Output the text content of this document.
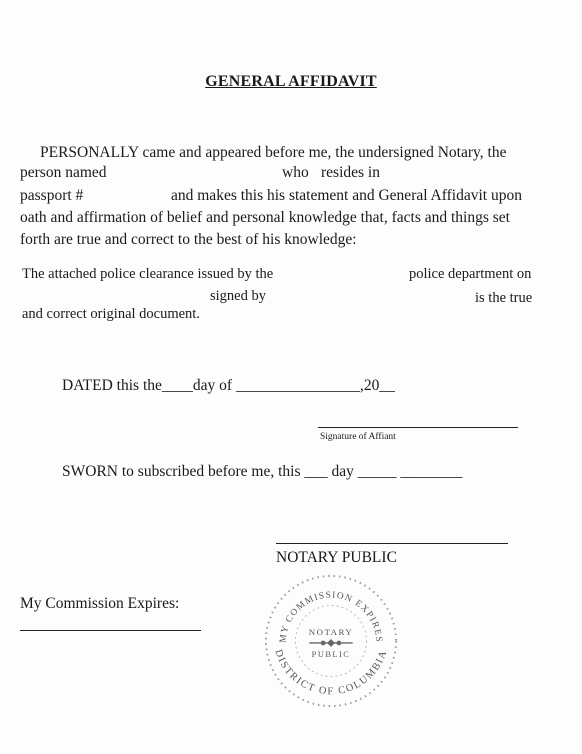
GENERAL AFFIDAVIT
PERSONALLY came and appeared before me, the undersigned Notary, the
person named	who resides in
passport #	and makes this his statement and General Affidavit upon
oath and affirmation of belief and personal knowledge that, facts and things set
forth are true and correct to the best of his knowledge:
The attached police clearance issued by the	police department on
signed by	is the true
and correct original document.
DATED this the____day of ________________,20__
Signature of Affiant
SWORN to subscribed before me, this ___ day _____ ________
NOTARY PUBLIC
My Commission Expires:
MY COMMISSION EXPIRES
DISTRICT OF COLUMBIA
NOTARY
PUBLIC
